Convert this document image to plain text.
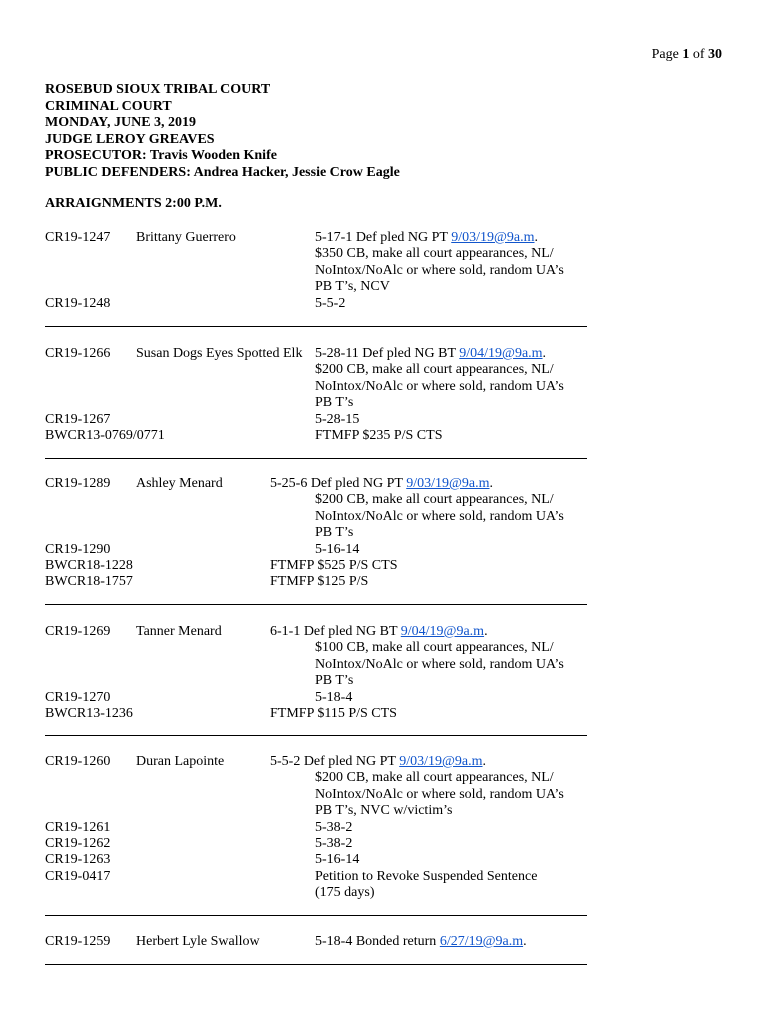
Page 1 of 30
ROSEBUD SIOUX TRIBAL COURT
CRIMINAL COURT
MONDAY, JUNE 3, 2019
JUDGE LEROY GREAVES
PROSECUTOR: Travis Wooden Knife
PUBLIC DEFENDERS: Andrea Hacker, Jessie Crow Eagle
ARRAIGNMENTS 2:00 P.M.
CR19-1247 Brittany Guerrero	5-17-1 Def pled NG PT 9/03/19@9a.m.
$350 CB, make all court appearances, NL/
NoIntox/NoAlc or where sold, random UA’s
PB T’s, NCV
CR19-1248	5-5-2
CR19-1266 Susan Dogs Eyes Spotted Elk 5-28-11 Def pled NG BT 9/04/19@9a.m.
$200 CB, make all court appearances, NL/
NoIntox/NoAlc or where sold, random UA’s
PB T’s
CR19-1267	5-28-15
BWCR13-0769/0771	FTMFP $235 P/S CTS
CR19-1289 Ashley Menard	5-25-6 Def pled NG PT 9/03/19@9a.m.
$200 CB, make all court appearances, NL/
NoIntox/NoAlc or where sold, random UA’s
PB T’s
CR19-1290	5-16-14
BWCR18-1228	FTMFP $525 P/S CTS
BWCR18-1757	FTMFP $125 P/S
CR19-1269 Tanner Menard	6-1-1 Def pled NG BT 9/04/19@9a.m.
$100 CB, make all court appearances, NL/
NoIntox/NoAlc or where sold, random UA’s
PB T’s
CR19-1270	5-18-4
BWCR13-1236	FTMFP $115 P/S CTS
CR19-1260 Duran Lapointe	5-5-2 Def pled NG PT 9/03/19@9a.m.
$200 CB, make all court appearances, NL/
NoIntox/NoAlc or where sold, random UA’s
PB T’s, NVC w/victim’s
CR19-1261	5-38-2
CR19-1262	5-38-2
CR19-1263	5-16-14
CR19-0417	Petition to Revoke Suspended Sentence
(175 days)
CR19-1259 Herbert Lyle Swallow	5-18-4 Bonded return 6/27/19@9a.m.
